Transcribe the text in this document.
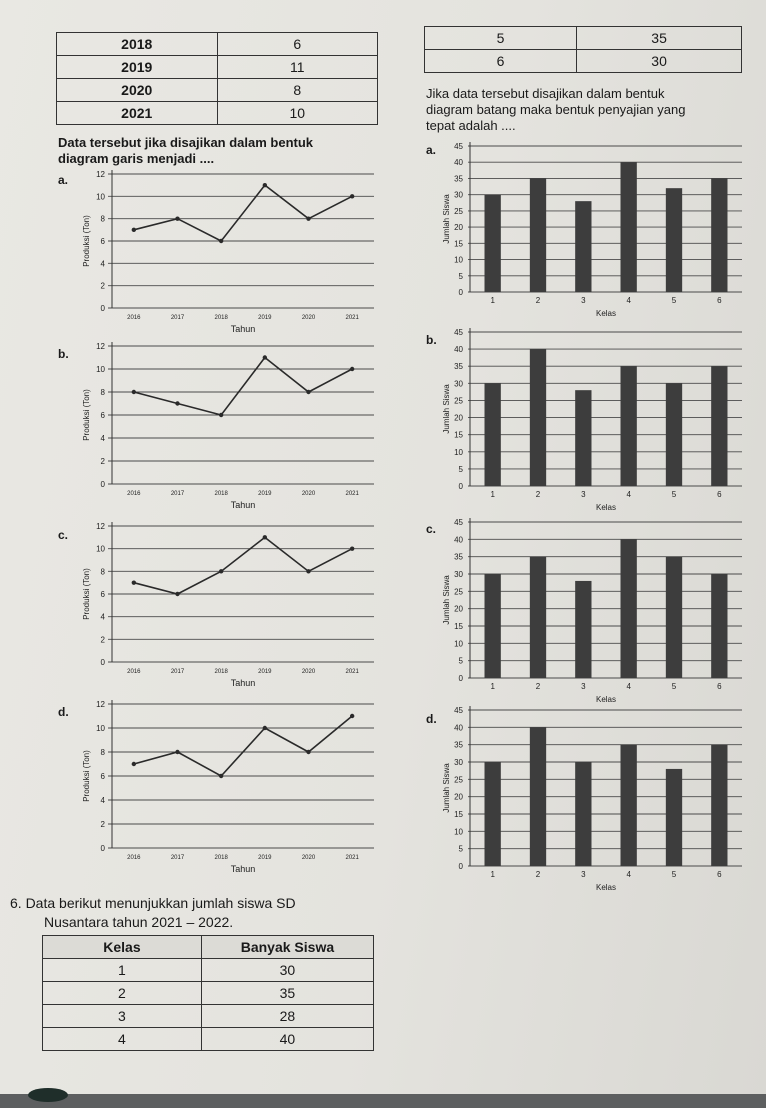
2018	6
2019	11
2020	8
2021	10
5	35
6	30
Data tersebut jika disajikan dalam bentuk
diagram garis menjadi ....
Jika data tersebut disajikan dalam bentuk
diagram batang maka bentuk penyajian yang
tepat adalah ....
a.
b.
c.
d.
a.
b.
c.
d.
0
2
4
6
8
10
12
Produksi (Ton)
2016	2017	2018	2019	2020	2021
Tahun
0
2
4
6
8
10
12
Produksi (Ton)
2016	2017	2018	2019	2020	2021
Tahun
0
2
4
6
8
10
12
Produksi (Ton)
2016	2017	2018	2019	2020	2021
Tahun
0
2
4
6
8
10
12
Produksi (Ton)
2016	2017	2018	2019	2020	2021
Tahun
0
5
10
15
20
25
30
35
40
45
Jumlah Siswa
1	2	3	4	5	6
Kelas
0
5
10
15
20
25
30
35
40
45
Jumlah Siswa
1	2	3	4	5	6
Kelas
0
5
10
15
20
25
30
35
40
45
Jumlah Siswa
1	2	3	4	5	6
Kelas
0
5
10
15
20
25
30
35
40
45
Jumlah Siswa
1	2	3	4	5	6
Kelas
6. Data berikut menunjukkan jumlah siswa SD
Nusantara tahun 2021 – 2022.
Kelas	Banyak Siswa
1	30
2	35
3	28
4	40
